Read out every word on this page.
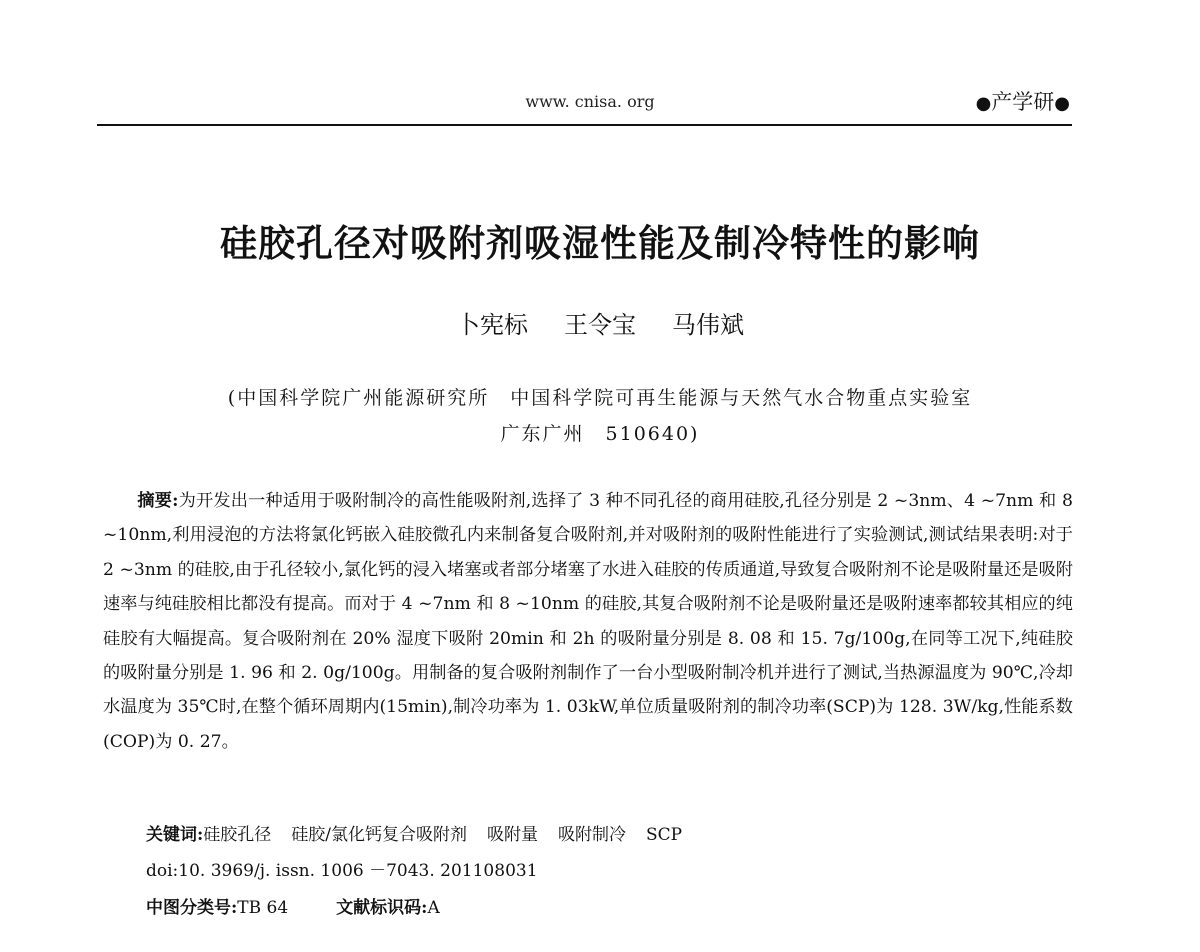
www. cnisa. org	●产学研●
硅胶孔径对吸附剂吸湿性能及制冷特性的影响
卜宪标 王令宝 马伟斌
(中国科学院广州能源研究所　中国科学院可再生能源与天然气水合物重点实验室
广东广州　510640)

摘要:为开发出一种适用于吸附制冷的高性能吸附剂,选择了 3 种不同孔径的商用硅胶,孔径分别是 2 ~3nm、4 ~7nm 和 8 ~10nm,利用浸泡的方法将氯化钙嵌入硅胶微孔内来制备复合吸附剂,并对吸附剂的吸附性能进行了实验测试,测试结果表明:对于 2 ~3nm 的硅胶,由于孔径较小,氯化钙的浸入堵塞或者部分堵塞了水进入硅胶的传质通道,导致复合吸附剂不论是吸附量还是吸附速率与纯硅胶相比都没有提高。而对于 4 ~7nm 和 8 ~10nm 的硅胶,其复合吸附剂不论是吸附量还是吸附速率都较其相应的纯硅胶有大幅提高。复合吸附剂在 20% 湿度下吸附 20min 和 2h 的吸附量分别是 8. 08 和 15. 7g/100g,在同等工况下,纯硅胶的吸附量分别是 1. 96 和 2. 0g/100g。用制备的复合吸附剂制作了一台小型吸附制冷机并进行了测试,当热源温度为 90℃,冷却水温度为 35℃时,在整个循环周期内(15min),制冷功率为 1. 03kW,单位质量吸附剂的制冷功率(SCP)为 128. 3W/kg,性能系数(COP)为 0. 27。

关键词:硅胶孔径 硅胶/氯化钙复合吸附剂 吸附量 吸附制冷 SCP
doi:10. 3969/j. issn. 1006 －7043. 201108031
中图分类号:TB 64	文献标识码:A
